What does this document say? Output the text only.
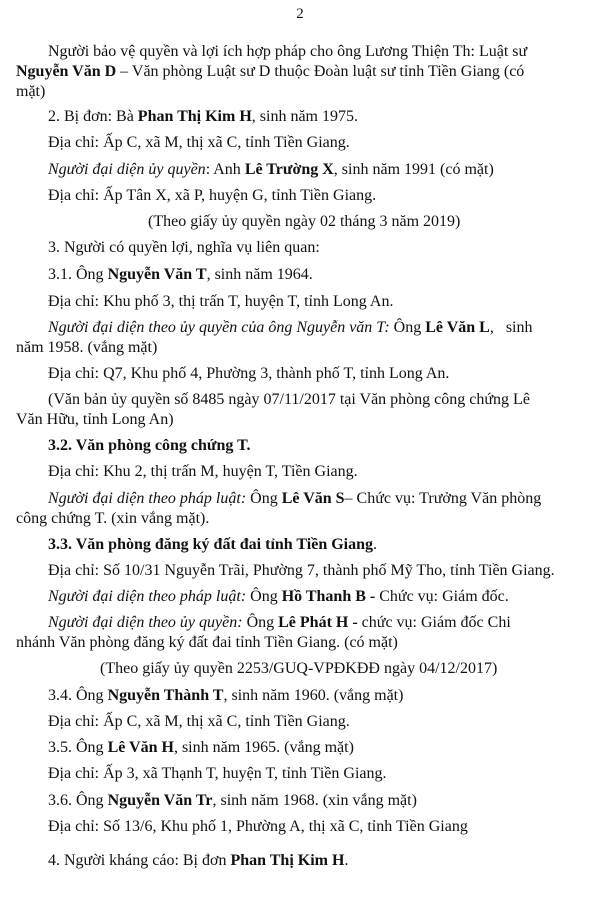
2
Người bảo vệ quyền và lợi ích hợp pháp cho ông Lương Thiện Th: Luật sư
Nguyễn Văn D – Văn phòng Luật sư D thuộc Đoàn luật sư tỉnh Tiền Giang (có
mặt)
2. Bị đơn: Bà Phan Thị Kim H, sinh năm 1975.
Địa chỉ: Ấp C, xã M, thị xã C, tỉnh Tiền Giang.
Người đại diện ủy quyền: Anh Lê Trường X, sinh năm 1991 (có mặt)
Địa chỉ: Ấp Tân X, xã P, huyện G, tỉnh Tiền Giang.
(Theo giấy ủy quyền ngày 02 tháng 3 năm 2019)
3. Người có quyền lợi, nghĩa vụ liên quan:
3.1. Ông Nguyễn Văn T, sinh năm 1964.
Địa chỉ: Khu phố 3, thị trấn T, huyện T, tỉnh Long An.
Người đại diện theo ủy quyền của ông Nguyễn văn T: Ông Lê Văn L,   sinh
năm 1958. (vắng mặt)
Địa chỉ: Q7, Khu phố 4, Phường 3, thành phố T, tỉnh Long An.
(Văn bản ủy quyền số 8485 ngày 07/11/2017 tại Văn phòng công chứng Lê
Văn Hữu, tỉnh Long An)
3.2. Văn phòng công chứng T.
Địa chỉ: Khu 2, thị trấn M, huyện T, Tiền Giang.
Người đại diện theo pháp luật: Ông Lê Văn S– Chức vụ: Trưởng Văn phòng
công chứng T. (xin vắng mặt).
3.3. Văn phòng đăng ký đất đai tỉnh Tiền Giang.
Địa chỉ: Số 10/31 Nguyễn Trãi, Phường 7, thành phố Mỹ Tho, tỉnh Tiền Giang.
Người đại diện theo pháp luật: Ông Hồ Thanh B - Chức vụ: Giám đốc.
Người đại diện theo ủy quyền: Ông Lê Phát H - chức vụ: Giám đốc Chi
nhánh Văn phòng đăng ký đất đai tỉnh Tiền Giang. (có mặt)
(Theo giấy ủy quyền 2253/GUQ-VPĐKĐĐ ngày 04/12/2017)
3.4. Ông Nguyễn Thành T, sinh năm 1960. (vắng mặt)
Địa chỉ: Ấp C, xã M, thị xã C, tỉnh Tiền Giang.
3.5. Ông Lê Văn H, sinh năm 1965. (vắng mặt)
Địa chỉ: Ấp 3, xã Thạnh T, huyện T, tỉnh Tiền Giang.
3.6. Ông Nguyễn Văn Tr, sinh năm 1968. (xin vắng mặt)
Địa chỉ: Số 13/6, Khu phố 1, Phường A, thị xã C, tỉnh Tiền Giang
4. Người kháng cáo: Bị đơn Phan Thị Kim H.
